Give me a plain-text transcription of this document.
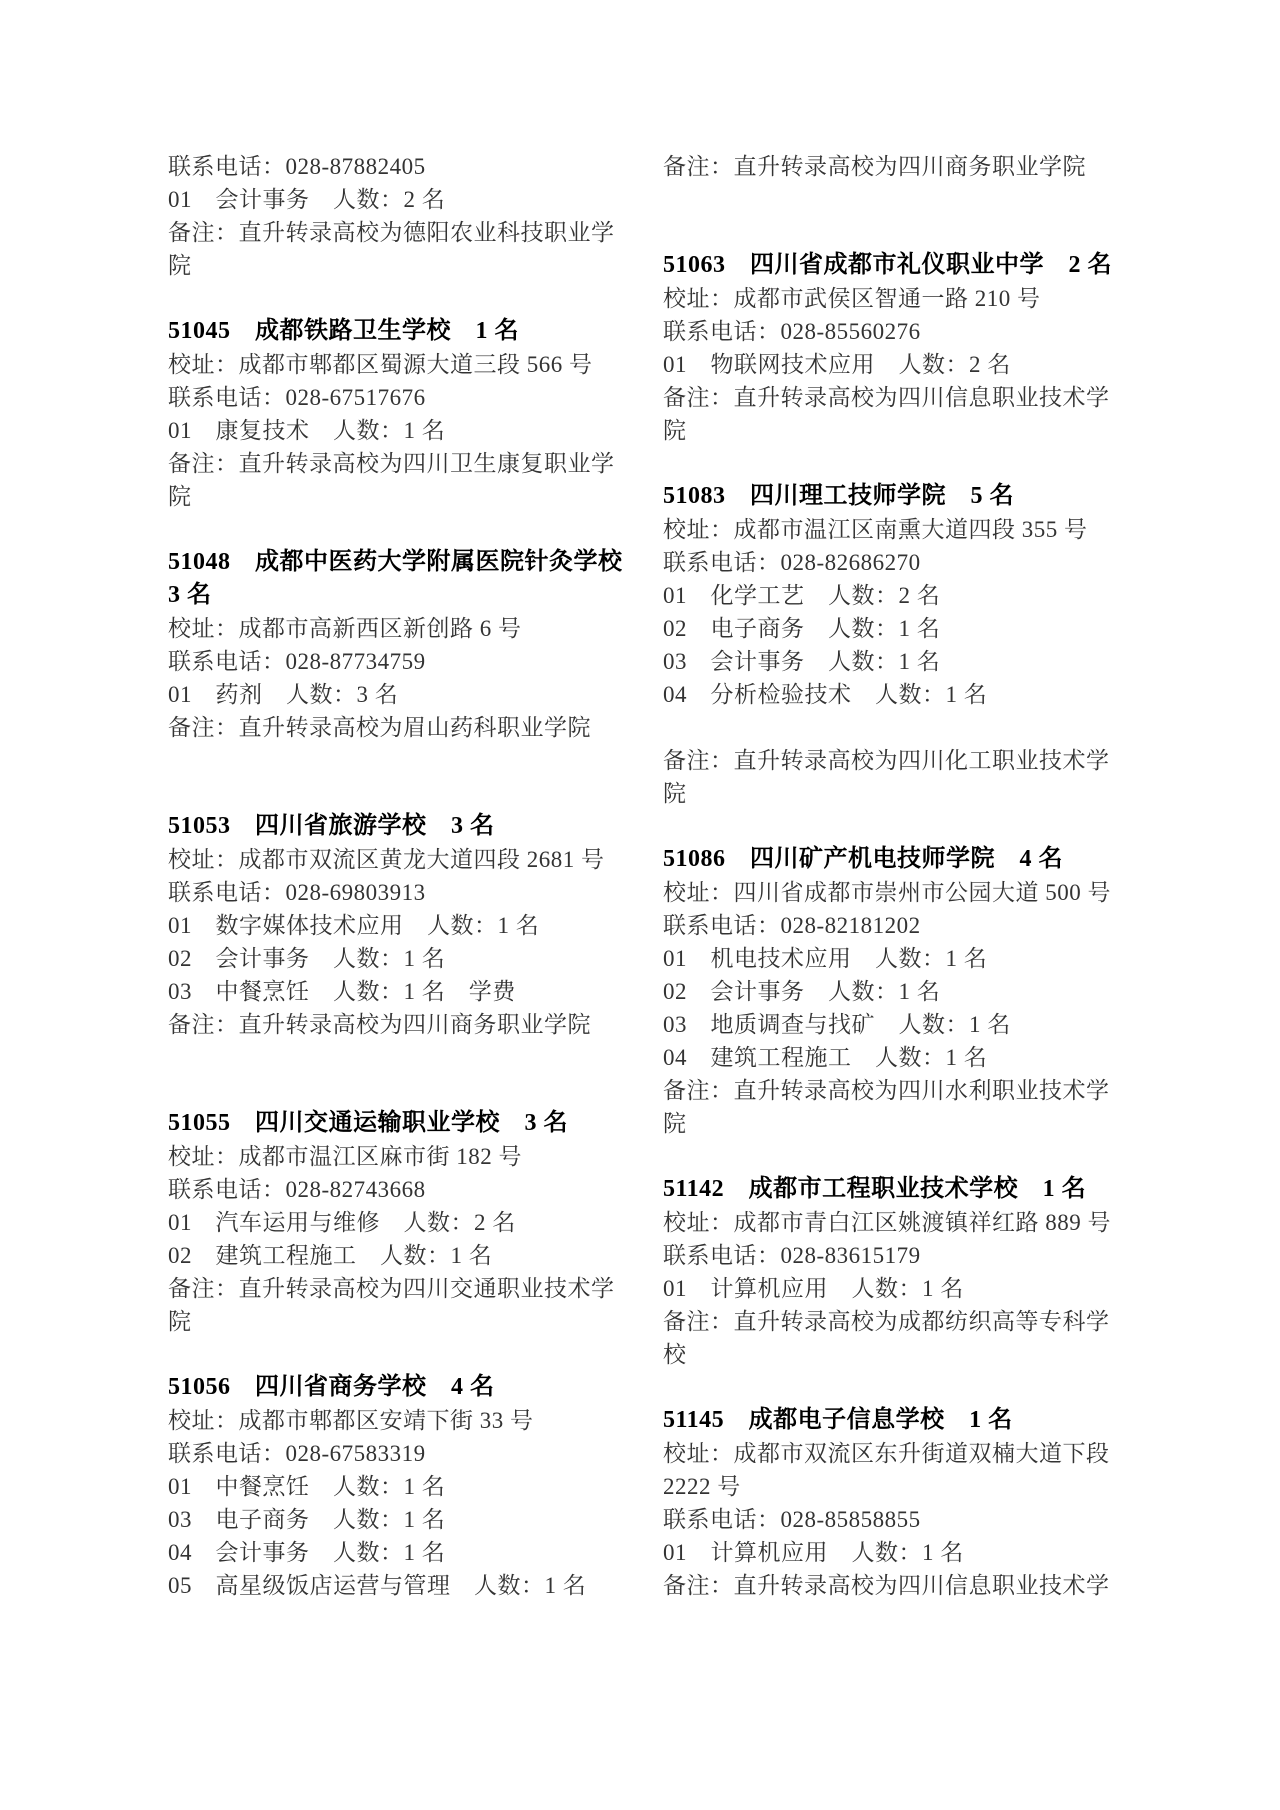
联系电话：028-87882405
01　会计事务　人数：2 名
备注：直升转录高校为德阳农业科技职业学
院
51045　成都铁路卫生学校　1 名
校址：成都市郫都区蜀源大道三段 566 号
联系电话：028-67517676
01　康复技术　人数：1 名
备注：直升转录高校为四川卫生康复职业学
院
51048　成都中医药大学附属医院针灸学校
3 名
校址：成都市高新西区新创路 6 号
联系电话：028-87734759
01　药剂　人数：3 名
备注：直升转录高校为眉山药科职业学院
51053　四川省旅游学校　3 名
校址：成都市双流区黄龙大道四段 2681 号
联系电话：028-69803913
01　数字媒体技术应用　人数：1 名
02　会计事务　人数：1 名
03　中餐烹饪　人数：1 名　学费
备注：直升转录高校为四川商务职业学院
51055　四川交通运输职业学校　3 名
校址：成都市温江区麻市街 182 号
联系电话：028-82743668
01　汽车运用与维修　人数：2 名
02　建筑工程施工　人数：1 名
备注：直升转录高校为四川交通职业技术学
院
51056　四川省商务学校　4 名
校址：成都市郫都区安靖下街 33 号
联系电话：028-67583319
01　中餐烹饪　人数：1 名
03　电子商务　人数：1 名
04　会计事务　人数：1 名
05　高星级饭店运营与管理　人数：1 名
备注：直升转录高校为四川商务职业学院
51063　四川省成都市礼仪职业中学　2 名
校址：成都市武侯区智通一路 210 号
联系电话：028-85560276
01　物联网技术应用　人数：2 名
备注：直升转录高校为四川信息职业技术学
院
51083　四川理工技师学院　5 名
校址：成都市温江区南熏大道四段 355 号
联系电话：028-82686270
01　化学工艺　人数：2 名
02　电子商务　人数：1 名
03　会计事务　人数：1 名
04　分析检验技术　人数：1 名
备注：直升转录高校为四川化工职业技术学
院
51086　四川矿产机电技师学院　4 名
校址：四川省成都市崇州市公园大道 500 号
联系电话：028-82181202
01　机电技术应用　人数：1 名
02　会计事务　人数：1 名
03　地质调查与找矿　人数：1 名
04　建筑工程施工　人数：1 名
备注：直升转录高校为四川水利职业技术学
院
51142　成都市工程职业技术学校　1 名
校址：成都市青白江区姚渡镇祥红路 889 号
联系电话：028-83615179
01　计算机应用　人数：1 名
备注：直升转录高校为成都纺织高等专科学
校
51145　成都电子信息学校　1 名
校址：成都市双流区东升街道双楠大道下段
2222 号
联系电话：028-85858855
01　计算机应用　人数：1 名
备注：直升转录高校为四川信息职业技术学
